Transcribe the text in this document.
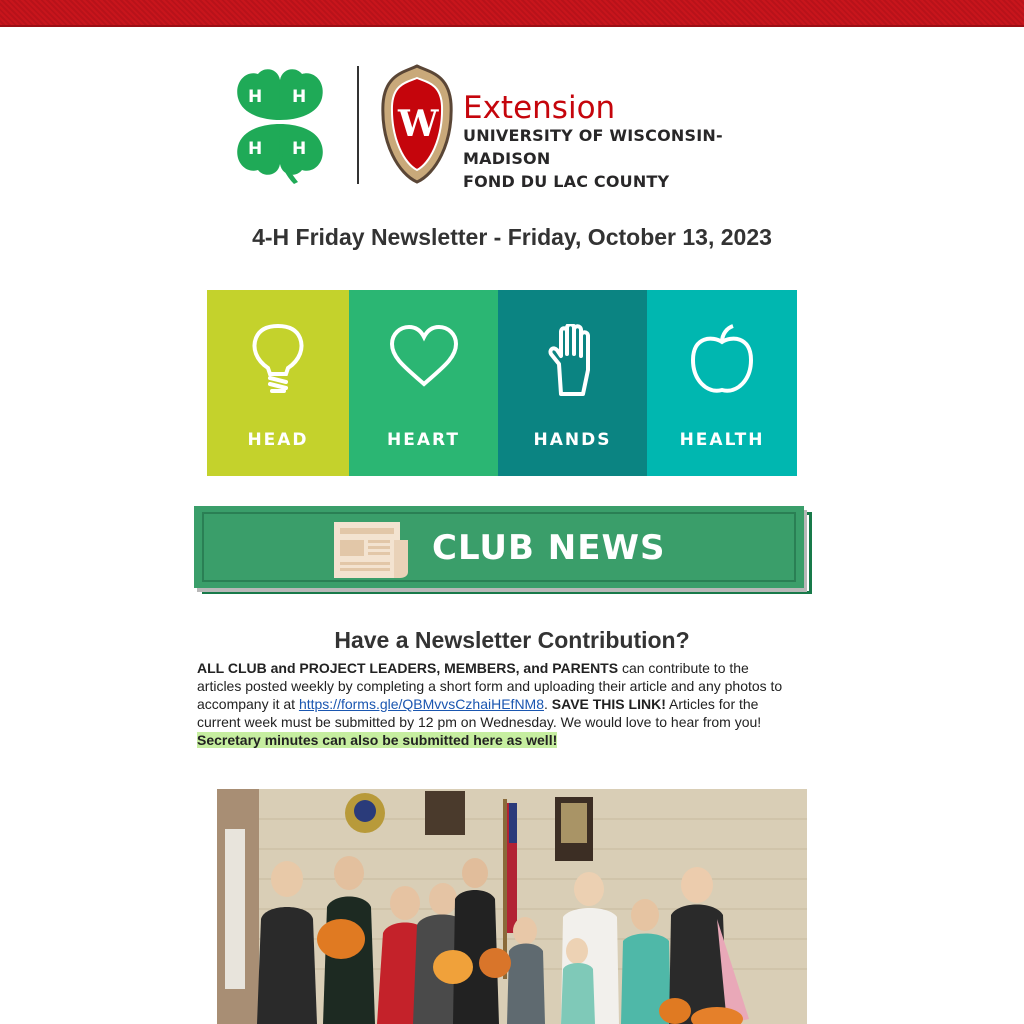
H H
H H
W Extension
UNIVERSITY OF WISCONSIN-MADISON
FOND DU LAC COUNTY
4-H Friday Newsletter - Friday, October 13, 2023
HEAD	HEART	HANDS	HEALTH
CLUB NEWS
Have a Newsletter Contribution?
ALL CLUB and PROJECT LEADERS, MEMBERS, and PARENTS can contribute to the articles posted weekly by completing a short form and uploading their article and any photos to accompany it at https://forms.gle/QBMvvsCzhaiHEfNM8. SAVE THIS LINK! Articles for the current week must be submitted by 12 pm on Wednesday. We would love to hear from you!
Secretary minutes can also be submitted here as well!
